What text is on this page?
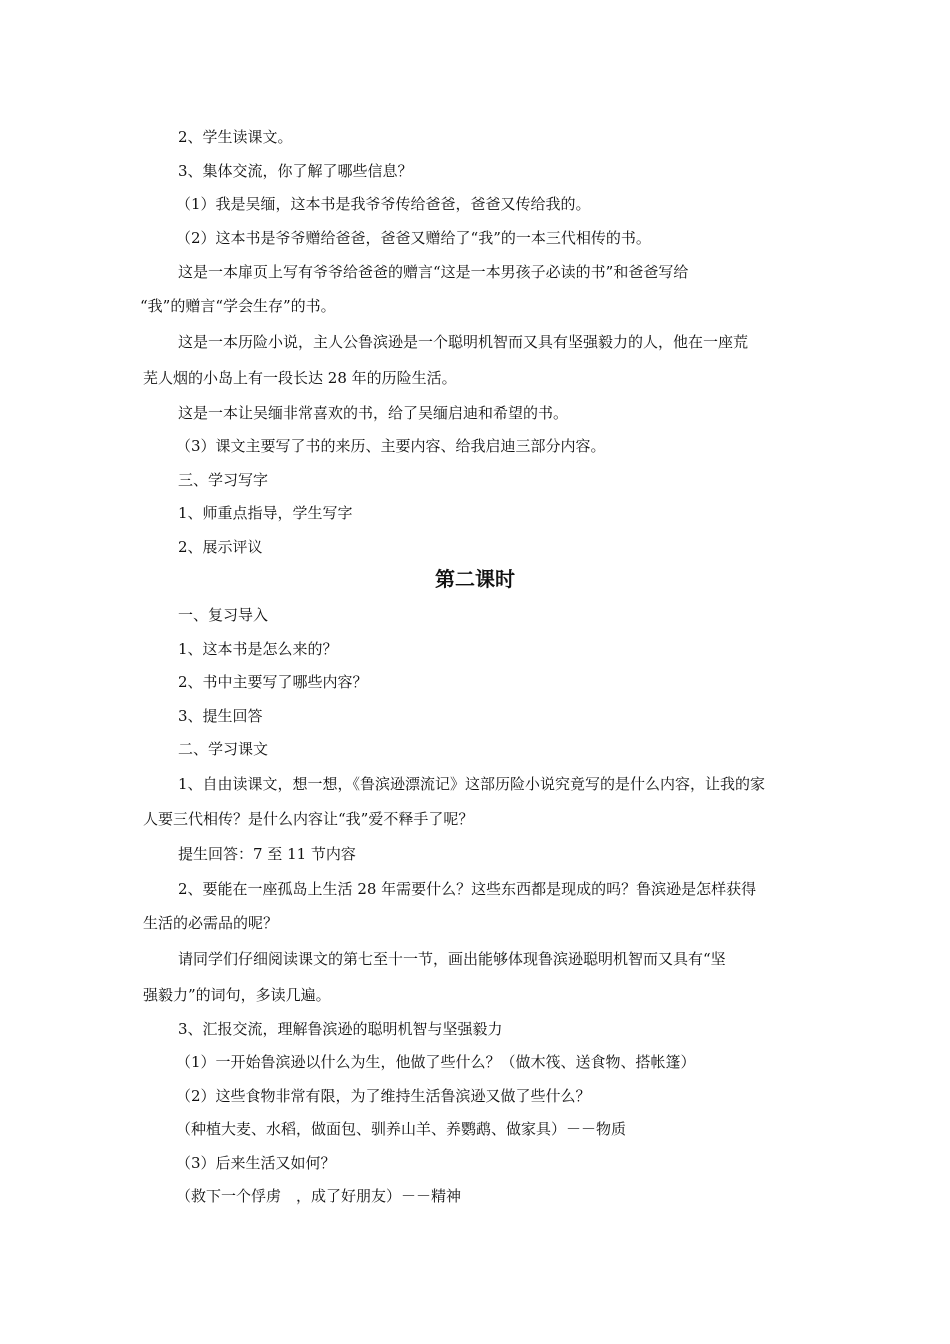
2、学生读课文。

3、集体交流，你了解了哪些信息？

（1）我是吴缅，这本书是我爷爷传给爸爸，爸爸又传给我的。

（2）这本书是爷爷赠给爸爸，爸爸又赠给了“我”的一本三代相传的书。

这是一本扉页上写有爷爷给爸爸的赠言“这是一本男孩子必读的书”和爸爸写给

“我”的赠言“学会生存”的书。

这是一本历险小说，主人公鲁滨逊是一个聪明机智而又具有坚强毅力的人，他在一座荒

芜人烟的小岛上有一段长达 28 年的历险生活。

这是一本让吴缅非常喜欢的书，给了吴缅启迪和希望的书。

（3）课文主要写了书的来历、主要内容、给我启迪三部分内容。

三、学习写字

1、师重点指导，学生写字

2、展示评议

第二课时

一、复习导入

1、这本书是怎么来的？

2、书中主要写了哪些内容？

3、提生回答

二、学习课文

1、自由读课文，想一想，《鲁滨逊漂流记》这部历险小说究竟写的是什么内容，让我的家

人要三代相传？是什么内容让“我”爱不释手了呢？

提生回答：7 至 11 节内容

2、要能在一座孤岛上生活 28 年需要什么？这些东西都是现成的吗？鲁滨逊是怎样获得

生活的必需品的呢？

请同学们仔细阅读课文的第七至十一节，画出能够体现鲁滨逊聪明机智而又具有“坚

强毅力”的词句，多读几遍。

3、汇报交流，理解鲁滨逊的聪明机智与坚强毅力

（1）一开始鲁滨逊以什么为生，他做了些什么？（做木筏、送食物、搭帐篷）

（2）这些食物非常有限，为了维持生活鲁滨逊又做了些什么？

（种植大麦、水稻，做面包、驯养山羊、养鹦鹉、做家具）－－物质

（3）后来生活又如何？

（救下一个俘虏　，成了好朋友）－－精神
